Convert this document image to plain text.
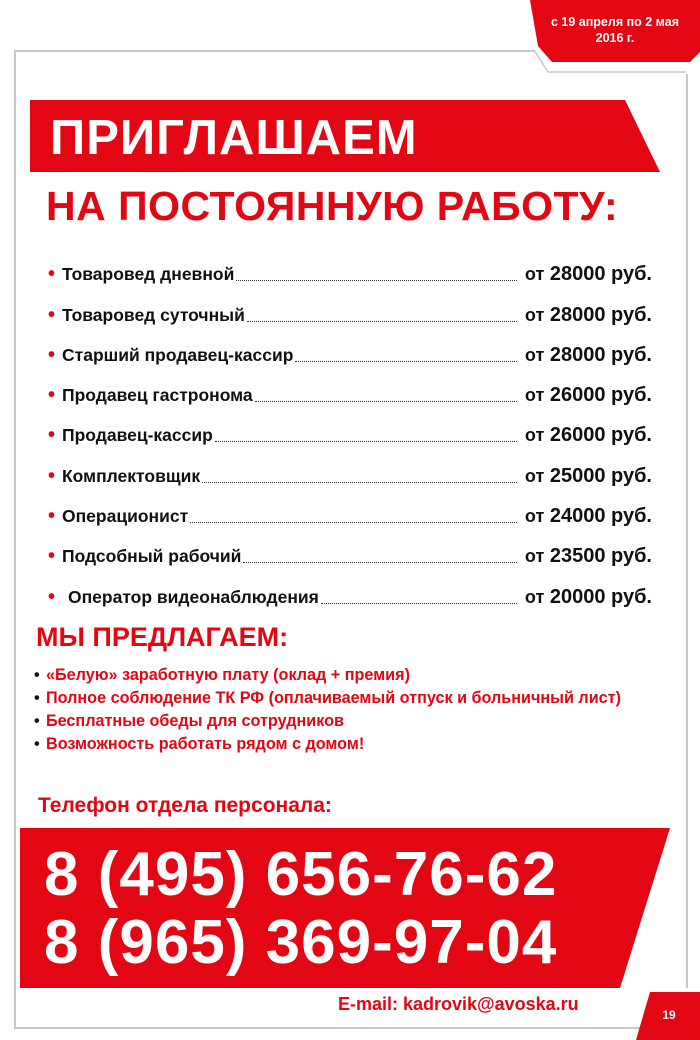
с 19 апреля по 2 мая 2016 г.
ПРИГЛАШАЕМ
НА ПОСТОЯННУЮ РАБОТУ:
• Товаровед дневной	от 28000 руб.
• Товаровед суточный	от 28000 руб.
• Старший продавец-кассир	от 28000 руб.
• Продавец гастронома	от 26000 руб.
• Продавец-кассир	от 26000 руб.
• Комплектовщик	от 25000 руб.
• Операционист	от 24000 руб.
• Подсобный рабочий	от 23500 руб.
• Оператор видеонаблюдения	от 20000 руб.
МЫ ПРЕДЛАГАЕМ:
• «Белую» заработную плату (оклад + премия)
• Полное соблюдение ТК РФ (оплачиваемый отпуск и больничный лист)
• Бесплатные обеды для сотрудников
• Возможность работать рядом с домом!
Телефон отдела персонала:
8 (495) 656-76-62
8 (965) 369-97-04
E-mail: kadrovik@avoska.ru
19
